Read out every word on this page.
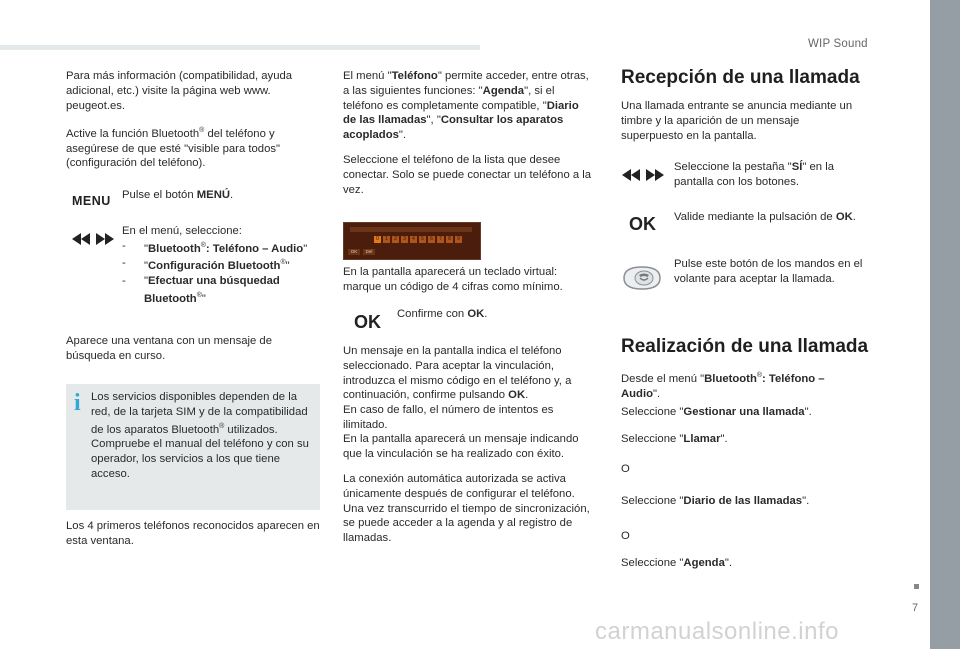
WIP Sound
7
carmanualsonline.info

Para más información (compatibilidad, ayuda adicional, etc.) visite la página web www. peugeot.es.

Active la función Bluetooth® del teléfono y asegúrese de que esté "visible para todos" (configuración del teléfono).

MENU Pulse el botón MENÚ.

En el menú, seleccione:
- "Bluetooth®: Teléfono – Audio"
- "Configuración Bluetooth®"
- "Efectuar una búsquedad Bluetooth®"

Aparece una ventana con un mensaje de búsqueda en curso.

i Los servicios disponibles dependen de la red, de la tarjeta SIM y de la compatibilidad de los aparatos Bluetooth® utilizados.

Compruebe el manual del teléfono y con su operador, los servicios a los que tiene acceso.

Los 4 primeros teléfonos reconocidos aparecen en esta ventana.

El menú "Teléfono" permite acceder, entre otras, a las siguientes funciones: "Agenda", si el teléfono es completamente compatible, "Diario de las llamadas", "Consultar los aparatos acoplados".

Seleccione el teléfono de la lista que desee conectar. Solo se puede conectar un teléfono a la vez.

0	1	2	3	4	5	6	7	8	9
OK	Del

En la pantalla aparecerá un teclado virtual: marque un código de 4 cifras como mínimo.

OK Confirme con OK.

Un mensaje en la pantalla indica el teléfono seleccionado. Para aceptar la vinculación, introduzca el mismo código en el teléfono y, a continuación, confirme pulsando OK.

En caso de fallo, el número de intentos es ilimitado.

En la pantalla aparecerá un mensaje indicando que la vinculación se ha realizado con éxito.

La conexión automática autorizada se activa únicamente después de configurar el teléfono. Una vez transcurrido el tiempo de sincronización, se puede acceder a la agenda y al registro de llamadas.

Recepción de una llamada

Una llamada entrante se anuncia mediante un timbre y la aparición de un mensaje superpuesto en la pantalla.

Seleccione la pestaña "SÍ" en la pantalla con los botones.

OK Valide mediante la pulsación de OK.

Pulse este botón de los mandos en el volante para aceptar la llamada.

Realización de una llamada

Desde el menú "Bluetooth®: Teléfono – Audio".

Seleccione "Gestionar una llamada".

Seleccione "Llamar".

O

Seleccione "Diario de las llamadas".

O

Seleccione "Agenda".
